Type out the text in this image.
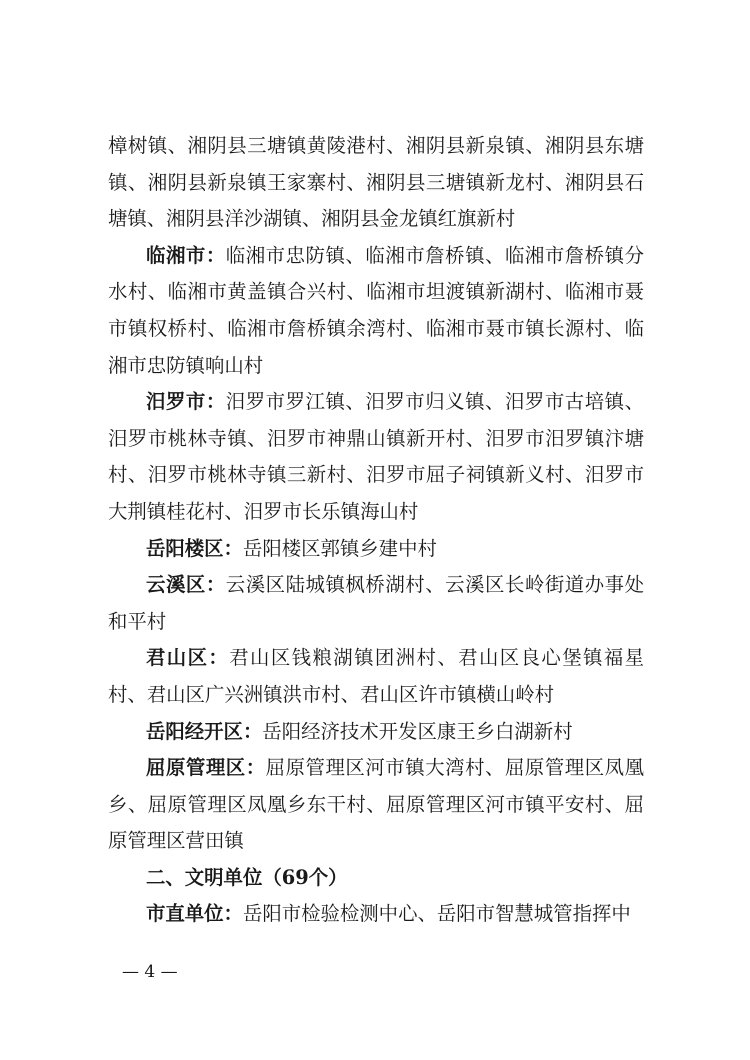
樟树镇、湘阴县三塘镇黄陵港村、湘阴县新泉镇、湘阴县东塘镇、湘阴县新泉镇王家寨村、湘阴县三塘镇新龙村、湘阴县石塘镇、湘阴县洋沙湖镇、湘阴县金龙镇红旗新村

临湘市：临湘市忠防镇、临湘市詹桥镇、临湘市詹桥镇分水村、临湘市黄盖镇合兴村、临湘市坦渡镇新湖村、临湘市聂市镇权桥村、临湘市詹桥镇余湾村、临湘市聂市镇长源村、临湘市忠防镇响山村

汨罗市：汨罗市罗江镇、汨罗市归义镇、汨罗市古培镇、汨罗市桃林寺镇、汨罗市神鼎山镇新开村、汨罗市汨罗镇汴塘村、汨罗市桃林寺镇三新村、汨罗市屈子祠镇新义村、汨罗市大荆镇桂花村、汨罗市长乐镇海山村

岳阳楼区：岳阳楼区郭镇乡建中村

云溪区：云溪区陆城镇枫桥湖村、云溪区长岭街道办事处和平村

君山区：君山区钱粮湖镇团洲村、君山区良心堡镇福星村、君山区广兴洲镇洪市村、君山区许市镇横山岭村

岳阳经开区：岳阳经济技术开发区康王乡白湖新村

屈原管理区：屈原管理区河市镇大湾村、屈原管理区凤凰乡、屈原管理区凤凰乡东干村、屈原管理区河市镇平安村、屈原管理区营田镇

二、文明单位（69个）

市直单位：岳阳市检验检测中心、岳阳市智慧城管指挥中

— 4 —
